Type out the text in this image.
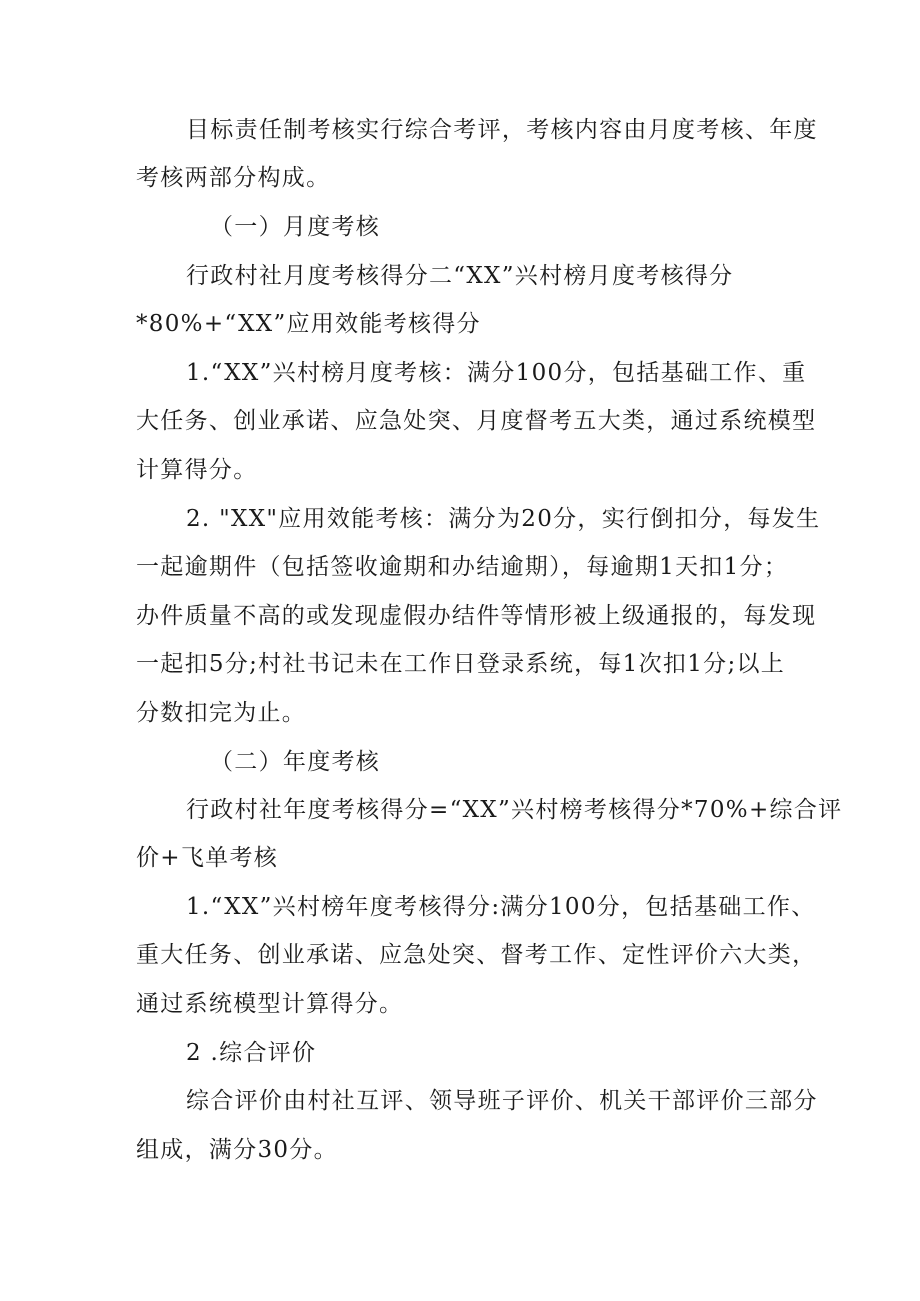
目标责任制考核实行综合考评，考核内容由月度考核、年度

考核两部分构成。

（一）月度考核

行政村社月度考核得分二“XX”兴村榜月度考核得分

*80%+“XX”应用效能考核得分

1.“XX”兴村榜月度考核：满分100分，包括基础工作、重

大任务、创业承诺、应急处突、月度督考五大类，通过系统模型

计算得分。

2. "XX"应用效能考核：满分为20分，实行倒扣分，每发生

一起逾期件（包括签收逾期和办结逾期），每逾期1天扣1分；

办件质量不高的或发现虚假办结件等情形被上级通报的，每发现

一起扣5分;村社书记未在工作日登录系统，每1次扣1分;以上

分数扣完为止。

（二）年度考核

行政村社年度考核得分=“XX”兴村榜考核得分*70%+综合评

价+飞单考核

1.“XX”兴村榜年度考核得分:满分100分，包括基础工作、

重大任务、创业承诺、应急处突、督考工作、定性评价六大类，

通过系统模型计算得分。

2 .综合评价

综合评价由村社互评、领导班子评价、机关干部评价三部分

组成，满分30分。
